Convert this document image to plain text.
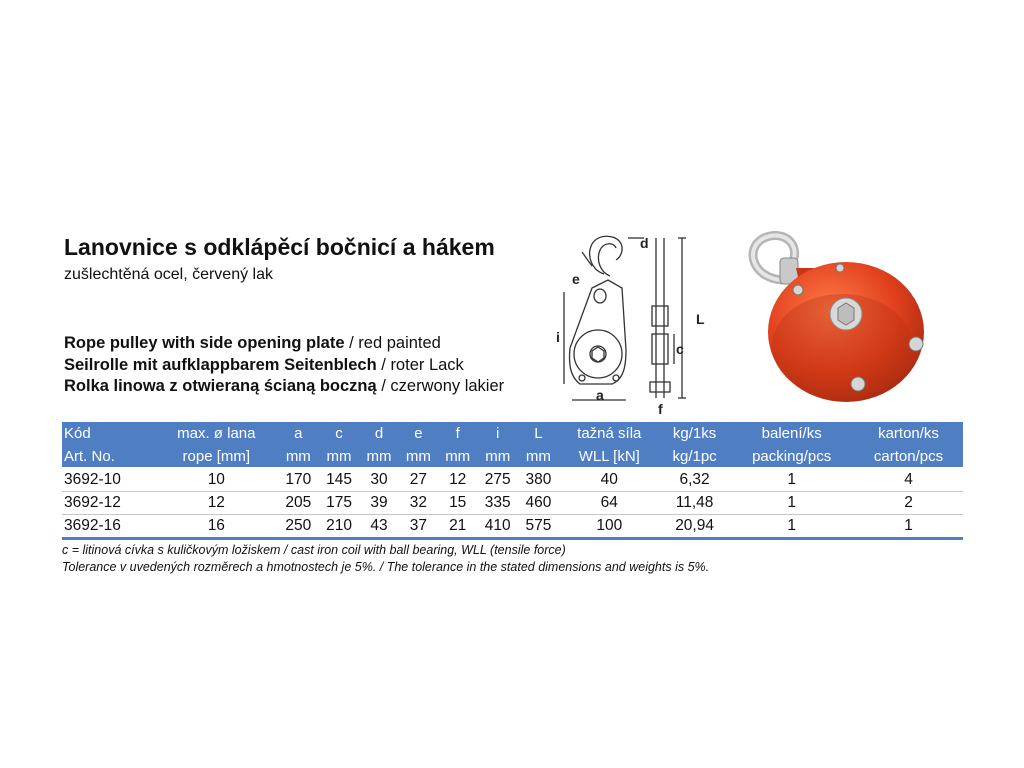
Lanovnice s odklápěcí bočnicí a hákem

zušlechtěná ocel, červený lak

Rope pulley with side opening plate / red painted
Seilrolle mit aufklappbarem Seitenblech / roter Lack
Rolka linowa z otwieraną ścianą boczną / czerwony lakier
d
e
i
L
c
a
f
Kód	max. ø lana	a	c	d	e	f	i	L	tažná síla	kg/1ks	balení/ks	karton/ks
Art. No.	rope [mm]	mm	mm	mm	mm	mm	mm	mm	WLL [kN]	kg/1pc	packing/pcs	carton/pcs
3692-10	10	170	145	30	27	12	275	380	40	6,32	1	4
3692-12	12	205	175	39	32	15	335	460	64	11,48	1	2
3692-16	16	250	210	43	37	21	410	575	100	20,94	1	1
c = litinová cívka s kuličkovým ložiskem / cast iron coil with ball bearing, WLL (tensile force)
Tolerance v uvedených rozměrech a hmotnostech je 5%. / The tolerance in the stated dimensions and weights is 5%.
